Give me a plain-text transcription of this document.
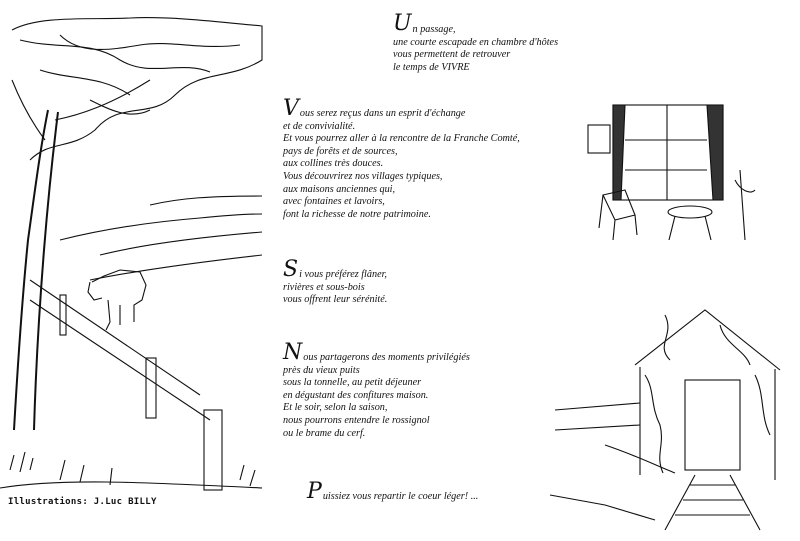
U n passage,
une courte escapade en chambre d'hôtes
vous permettent de retrouver
le temps de VIVRE
V ous serez reçus dans un esprit d'échange
et de convivialité.
Et vous pourrez aller à la rencontre de la Franche Comté,
pays de forêts et de sources,
aux collines très douces.
Vous découvrirez nos villages typiques,
aux maisons anciennes qui,
avec fontaines et lavoirs,
font la richesse de notre patrimoine.
S i vous préférez flâner,
rivières et sous-bois
vous offrent leur sérénité.
N ous partagerons des moments privilégiés
près du vieux puits
sous la tonnelle, au petit déjeuner
en dégustant des confitures maison.
Et le soir, selon la saison,
nous pourrons entendre le rossignol
ou le brame du cerf.
P uissiez vous repartir le coeur léger! ...
Illustrations: J.Luc BILLY
